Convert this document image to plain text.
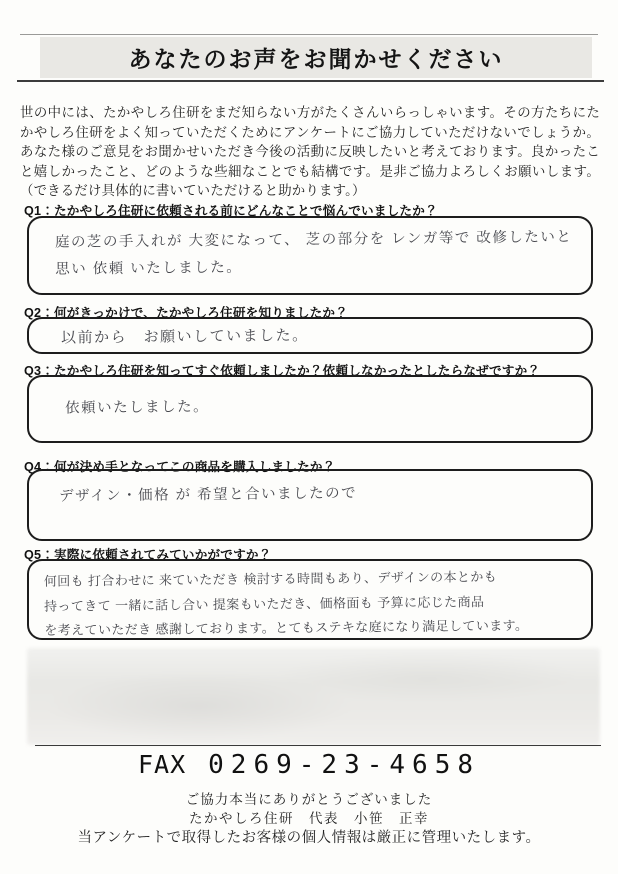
あなたのお声をお聞かせください

世の中には、たかやしろ住研をまだ知らない方がたくさんいらっしゃいます。その方たちにたかやしろ住研をよく知っていただくためにアンケートにご協力していただけないでしょうか。あなた様のご意見をお聞かせいただき今後の活動に反映したいと考えております。良かったこと嬉しかったこと、どのような些細なことでも結構です。是非ご協力よろしくお願いします。（できるだけ具体的に書いていただけると助かります。）

Q1：たかやしろ住研に依頼される前にどんなことで悩んでいましたか？
庭の芝の手入れが 大変になって、 芝の部分を レンガ等で 改修したいと
思い 依頼 いたしました。
Q2：何がきっかけで、たかやしろ住研を知りましたか？
以前から　お願いしていました。
Q3：たかやしろ住研を知ってすぐ依頼しましたか？依頼しなかったとしたらなぜですか？
依頼いたしました。
Q4：何が決め手となってこの商品を購入しましたか？
デザイン・価格 が 希望と合いましたので
Q5：実際に依頼されてみていかがですか？
何回も 打合わせに 来ていただき 検討する時間もあり、デザインの本とかも
持ってきて 一緒に話し合い 提案もいただき、価格面も 予算に応じた商品
を考えていただき 感謝しております。とてもステキな庭になり満足しています。
FAX 0269-23-4658
ご協力本当にありがとうございました
たかやしろ住研　代表　小笹　正幸
当アンケートで取得したお客様の個人情報は厳正に管理いたします。
